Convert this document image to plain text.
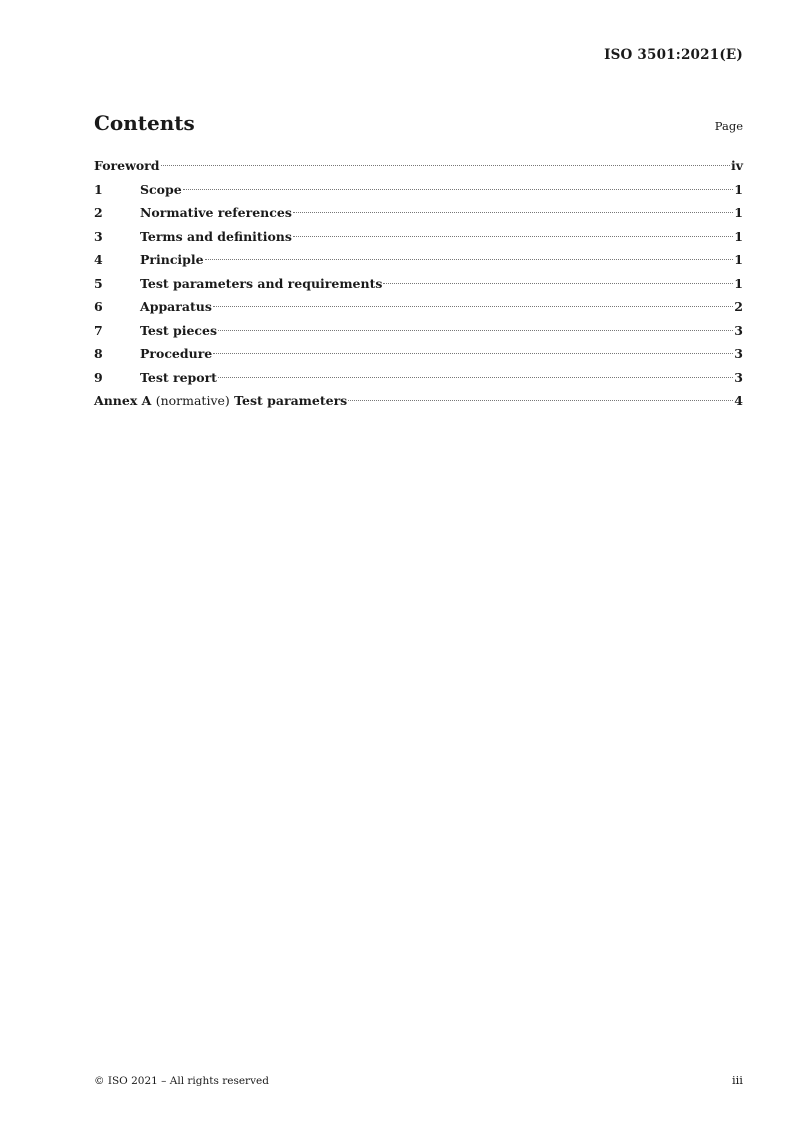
ISO 3501:2021(E)
Contents	Page
Foreword	iv
1	Scope	1
2	Normative references	1
3	Terms and definitions	1
4	Principle	1
5	Test parameters and requirements	1
6	Apparatus	2
7	Test pieces	3
8	Procedure	3
9	Test report	3
Annex A (normative) Test parameters	4
© ISO 2021 – All rights reserved	iii
